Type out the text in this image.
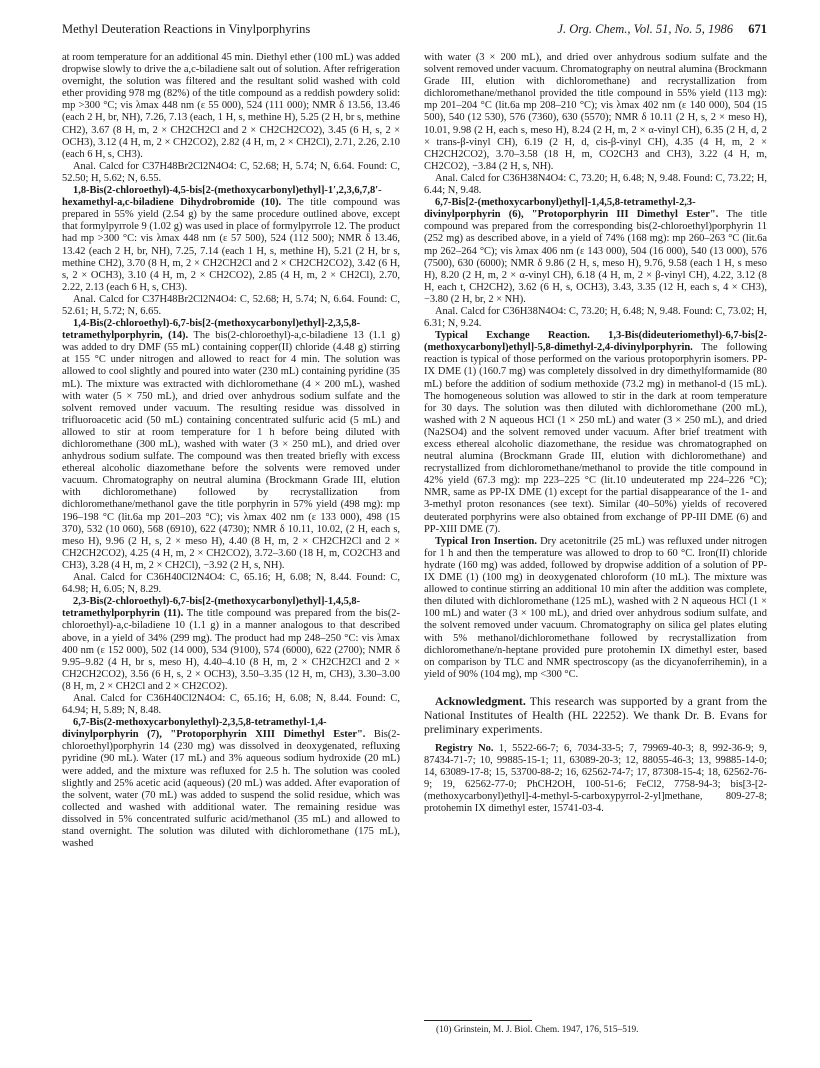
Methyl Deuteration Reactions in Vinylporphyrins	J. Org. Chem., Vol. 51, No. 5, 1986 671

at room temperature for an additional 45 min. Diethyl ether (100 mL) was added dropwise slowly to drive the a,c-biladiene salt out of solution. After refrigeration overnight, the solution was filtered and the resultant solid washed with cold ether providing 978 mg (82%) of the title compound as a reddish powdery solid: mp >300 °C; vis λmax 448 nm (ε 55 000), 524 (111 000); NMR δ 13.56, 13.46 (each 2 H, br, NH), 7.26, 7.13 (each, 1 H, s, methine H), 5.25 (2 H, br s, methine CH2), 3.67 (8 H, m, 2 × CH2CH2Cl and 2 × CH2CH2CO2), 3.45 (6 H, s, 2 × OCH3), 3.12 (4 H, m, 2 × CH2CO2), 2.82 (4 H, m, 2 × CH2Cl), 2.71, 2.26, 2.10 (each 6 H, s, CH3).

Anal. Calcd for C37H48Br2Cl2N4O4: C, 52.68; H, 5.74; N, 6.64. Found: C, 52.50; H, 5.62; N, 6.55.

1,8-Bis(2-chloroethyl)-4,5-bis[2-(methoxycarbonyl)ethyl]-1′,2,3,6,7,8′-hexamethyl-a,c-biladiene Dihydrobromide (10). The title compound was prepared in 55% yield (2.54 g) by the same procedure outlined above, except that formylpyrrole 9 (1.02 g) was used in place of formylpyrrole 12. The product had mp >300 °C: vis λmax 448 nm (ε 57 500), 524 (112 500); NMR δ 13.46, 13.42 (each 2 H, br, NH), 7.25, 7.14 (each 1 H, s, methine H), 5.21 (2 H, br s, methine CH2), 3.70 (8 H, m, 2 × CH2CH2Cl and 2 × CH2CH2CO2), 3.42 (6 H, s, 2 × OCH3), 3.10 (4 H, m, 2 × CH2CO2), 2.85 (4 H, m, 2 × CH2Cl), 2.70, 2.22, 2.13 (each 6 H, s, CH3).

Anal. Calcd for C37H48Br2Cl2N4O4: C, 52.68; H, 5.74; N, 6.64. Found: C, 52.61; H, 5.72; N, 6.65.

1,4-Bis(2-chloroethyl)-6,7-bis[2-(methoxycarbonyl)ethyl]-2,3,5,8-tetramethylporphyrin, (14). The bis(2-chloroethyl)-a,c-biladiene 13 (1.1 g) was added to dry DMF (55 mL) containing copper(II) chloride (4.48 g) stirring at 155 °C under nitrogen and allowed to react for 4 min. The solution was allowed to cool slightly and poured into water (230 mL) containing pyridine (35 mL). The mixture was extracted with dichloromethane (4 × 200 mL), washed with water (5 × 750 mL), and dried over anhydrous sodium sulfate and the solvent removed under vacuum. The resulting residue was dissolved in trifluoroacetic acid (50 mL) containing concentrated sulfuric acid (5 mL) and allowed to stir at room temperature for 1 h before being diluted with dichloromethane (300 mL), washed with water (3 × 250 mL), and dried over anhydrous sodium sulfate. The compound was then treated briefly with excess ethereal alcoholic diazomethane before the solvents were removed under vacuum. Chromatography on neutral alumina (Brockmann Grade III, elution with dichloromethane) followed by recrystallization from dichloromethane/methanol gave the title porphyrin in 57% yield (498 mg): mp 196–198 °C (lit.6a mp 201–203 °C); vis λmax 402 nm (ε 133 000), 498 (15 370), 532 (10 060), 568 (6910), 622 (4730); NMR δ 10.11, 10.02, (2 H, each s, meso H), 9.96 (2 H, s, 2 × meso H), 4.40 (8 H, m, 2 × CH2CH2Cl and 2 × CH2CH2CO2), 4.25 (4 H, m, 2 × CH2CO2), 3.72–3.60 (18 H, m, CO2CH3 and CH3), 3.28 (4 H, m, 2 × CH2Cl), −3.92 (2 H, s, NH).

Anal. Calcd for C36H40Cl2N4O4: C, 65.16; H, 6.08; N, 8.44. Found: C, 64.98; H, 6.05; N, 8.29.

2,3-Bis(2-chloroethyl)-6,7-bis[2-(methoxycarbonyl)ethyl]-1,4,5,8-tetramethylporphyrin (11). The title compound was prepared from the bis(2-chloroethyl)-a,c-biladiene 10 (1.1 g) in a manner analogous to that described above, in a yield of 34% (299 mg). The product had mp 248–250 °C: vis λmax 400 nm (ε 152 000), 502 (14 000), 534 (9100), 574 (6000), 622 (2700); NMR δ 9.95–9.82 (4 H, br s, meso H), 4.40–4.10 (8 H, m, 2 × CH2CH2Cl and 2 × CH2CH2CO2), 3.56 (6 H, s, 2 × OCH3), 3.50–3.35 (12 H, m, CH3), 3.30–3.00 (8 H, m, 2 × CH2Cl and 2 × CH2CO2).

Anal. Calcd for C36H40Cl2N4O4: C, 65.16; H, 6.08; N, 8.44. Found: C, 64.94; H, 5.89; N, 8.48.

6,7-Bis(2-methoxycarbonylethyl)-2,3,5,8-tetramethyl-1,4-divinylporphyrin (7), "Protoporphyrin XIII Dimethyl Ester". Bis(2-chloroethyl)porphyrin 14 (230 mg) was dissolved in deoxygenated, refluxing pyridine (90 mL). Water (17 mL) and 3% aqueous sodium hydroxide (20 mL) were added, and the mixture was refluxed for 2.5 h. The solution was cooled slightly and 25% acetic acid (aqueous) (20 mL) was added. After evaporation of the solvent, water (70 mL) was added to suspend the solid residue, which was collected and washed with additional water. The remaining residue was dissolved in 5% concentrated sulfuric acid/methanol (35 mL) and allowed to stand overnight. The solution was diluted with dichloromethane (175 mL), washed

with water (3 × 200 mL), and dried over anhydrous sodium sulfate and the solvent removed under vacuum. Chromatography on neutral alumina (Brockmann Grade III, elution with dichloromethane) and recrystallization from dichloromethane/methanol provided the title compound in 55% yield (113 mg): mp 201–204 °C (lit.6a mp 208–210 °C); vis λmax 402 nm (ε 140 000), 504 (15 500), 540 (12 530), 576 (7360), 630 (5570); NMR δ 10.11 (2 H, s, 2 × meso H), 10.01, 9.98 (2 H, each s, meso H), 8.24 (2 H, m, 2 × α-vinyl CH), 6.35 (2 H, d, 2 × trans-β-vinyl CH), 6.19 (2 H, d, cis-β-vinyl CH), 4.35 (4 H, m, 2 × CH2CH2CO2), 3.70–3.58 (18 H, m, CO2CH3 and CH3), 3.22 (4 H, m, CH2CO2), −3.84 (2 H, s, NH).

Anal. Calcd for C36H38N4O4: C, 73.20; H, 6.48; N, 9.48. Found: C, 73.22; H, 6.44; N, 9.48.

6,7-Bis[2-(methoxycarbonyl)ethyl]-1,4,5,8-tetramethyl-2,3-divinylporphyrin (6), "Protoporphyrin III Dimethyl Ester". The title compound was prepared from the corresponding bis(2-chloroethyl)porphyrin 11 (252 mg) as described above, in a yield of 74% (168 mg): mp 260–263 °C (lit.6a mp 262–264 °C); vis λmax 406 nm (ε 143 000), 504 (16 000), 540 (13 000), 576 (7500), 630 (6000); NMR δ 9.86 (2 H, s, meso H), 9.76, 9.58 (each 1 H, s meso H), 8.20 (2 H, m, 2 × α-vinyl CH), 6.18 (4 H, m, 2 × β-vinyl CH), 4.22, 3.12 (8 H, each t, CH2CH2), 3.62 (6 H, s, OCH3), 3.43, 3.35 (12 H, each s, 4 × CH3), −3.80 (2 H, br, 2 × NH).

Anal. Calcd for C36H38N4O4: C, 73.20; H, 6.48; N, 9.48. Found: C, 73.02; H, 6.31; N, 9.24.

Typical Exchange Reaction. 1,3-Bis(dideuteriomethyl)-6,7-bis[2-(methoxycarbonyl)ethyl]-5,8-dimethyl-2,4-divinylporphyrin. The following reaction is typical of those performed on the various protoporphyrin isomers. PP-IX DME (1) (160.7 mg) was completely dissolved in dry dimethylformamide (80 mL) before the addition of sodium methoxide (73.2 mg) in methanol-d (15 mL). The homogeneous solution was allowed to stir in the dark at room temperature for 30 days. The solution was then diluted with dichloromethane (200 mL), washed with 2 N aqueous HCl (1 × 250 mL) and water (3 × 250 mL), and dried (Na2SO4) and the solvent removed under vacuum. After brief treatment with excess ethereal alcoholic diazomethane, the residue was chromatographed on neutral alumina (Brockmann Grade III, elution with dichloromethane) and recrystallized from dichloromethane/methanol to provide the title compound in 42% yield (67.3 mg): mp 223–225 °C (lit.10 undeuterated mp 224–226 °C); NMR, same as PP-IX DME (1) except for the partial disappearance of the 1- and 3-methyl proton resonances (see text). Similar (40–50%) yields of recovered deuterated porphyrins were also obtained from exchange of PP-III DME (6) and PP-XIII DME (7).

Typical Iron Insertion. Dry acetonitrile (25 mL) was refluxed under nitrogen for 1 h and then the temperature was allowed to drop to 60 °C. Iron(II) chloride hydrate (160 mg) was added, followed by dropwise addition of a solution of PP-IX DME (1) (100 mg) in deoxygenated chloroform (10 mL). The mixture was allowed to continue stirring an additional 10 min after the addition was complete, then diluted with dichloromethane (125 mL), washed with 2 N aqueous HCl (1 × 100 mL) and water (3 × 100 mL), and dried over anhydrous sodium sulfate, and the solvent removed under vacuum. Chromatography on silica gel plates eluting with 5% methanol/dichloromethane followed by recrystallization from dichloromethane/n-heptane provided pure protohemin IX dimethyl ester, based on comparison by TLC and NMR spectroscopy (as the dicyanoferrihemin), in a yield of 90% (104 mg), mp <300 °C.

Acknowledgment. This research was supported by a grant from the National Institutes of Health (HL 22252). We thank Dr. B. Evans for preliminary experiments.

Registry No. 1, 5522-66-7; 6, 7034-33-5; 7, 79969-40-3; 8, 992-36-9; 9, 87434-71-7; 10, 99885-15-1; 11, 63089-20-3; 12, 88055-46-3; 13, 99885-14-0; 14, 63089-17-8; 15, 53700-88-2; 16, 62562-74-7; 17, 87308-15-4; 18, 62562-76-9; 19, 62562-77-0; PhCH2OH, 100-51-6; FeCl2, 7758-94-3; bis[3-[2-(methoxycarbonyl)ethyl]-4-methyl-5-carboxypyrrol-2-yl]methane, 809-27-8; protohemin IX dimethyl ester, 15741-03-4.

(10) Grinstein, M. J. Biol. Chem. 1947, 176, 515–519.
